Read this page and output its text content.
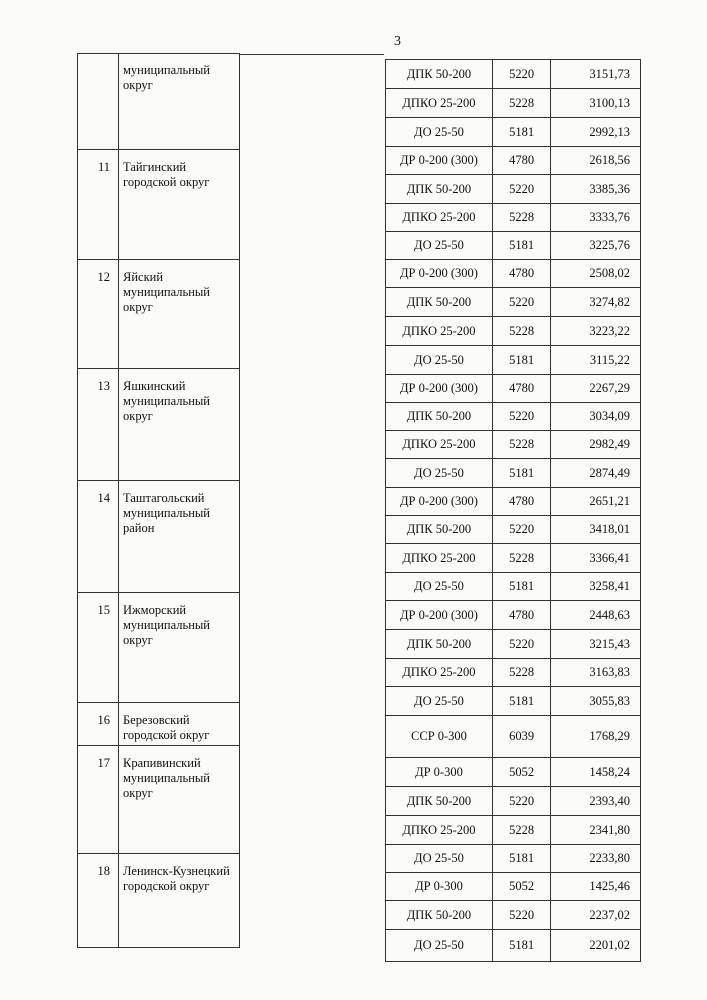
3
	муниципальный округ
11	Тайгинский городской округ
12	Яйский муниципальный округ
13	Яшкинский муниципальный округ
14	Таштагольский муниципальный район
15	Ижморский муниципальный округ
16	Березовский городской округ
17	Крапивинский муниципальный округ
18	Ленинск-Кузнецкий городской округ
ДПК 50-200	5220	3151,73
ДПКО 25-200	5228	3100,13
ДО 25-50	5181	2992,13
ДР 0-200 (300)	4780	2618,56
ДПК 50-200	5220	3385,36
ДПКО 25-200	5228	3333,76
ДО 25-50	5181	3225,76
ДР 0-200 (300)	4780	2508,02
ДПК 50-200	5220	3274,82
ДПКО 25-200	5228	3223,22
ДО 25-50	5181	3115,22
ДР 0-200 (300)	4780	2267,29
ДПК 50-200	5220	3034,09
ДПКО 25-200	5228	2982,49
ДО 25-50	5181	2874,49
ДР 0-200 (300)	4780	2651,21
ДПК 50-200	5220	3418,01
ДПКО 25-200	5228	3366,41
ДО 25-50	5181	3258,41
ДР 0-200 (300)	4780	2448,63
ДПК 50-200	5220	3215,43
ДПКО 25-200	5228	3163,83
ДО 25-50	5181	3055,83
ССР 0-300	6039	1768,29
ДР 0-300	5052	1458,24
ДПК 50-200	5220	2393,40
ДПКО 25-200	5228	2341,80
ДО 25-50	5181	2233,80
ДР 0-300	5052	1425,46
ДПК 50-200	5220	2237,02
ДО 25-50	5181	2201,02
